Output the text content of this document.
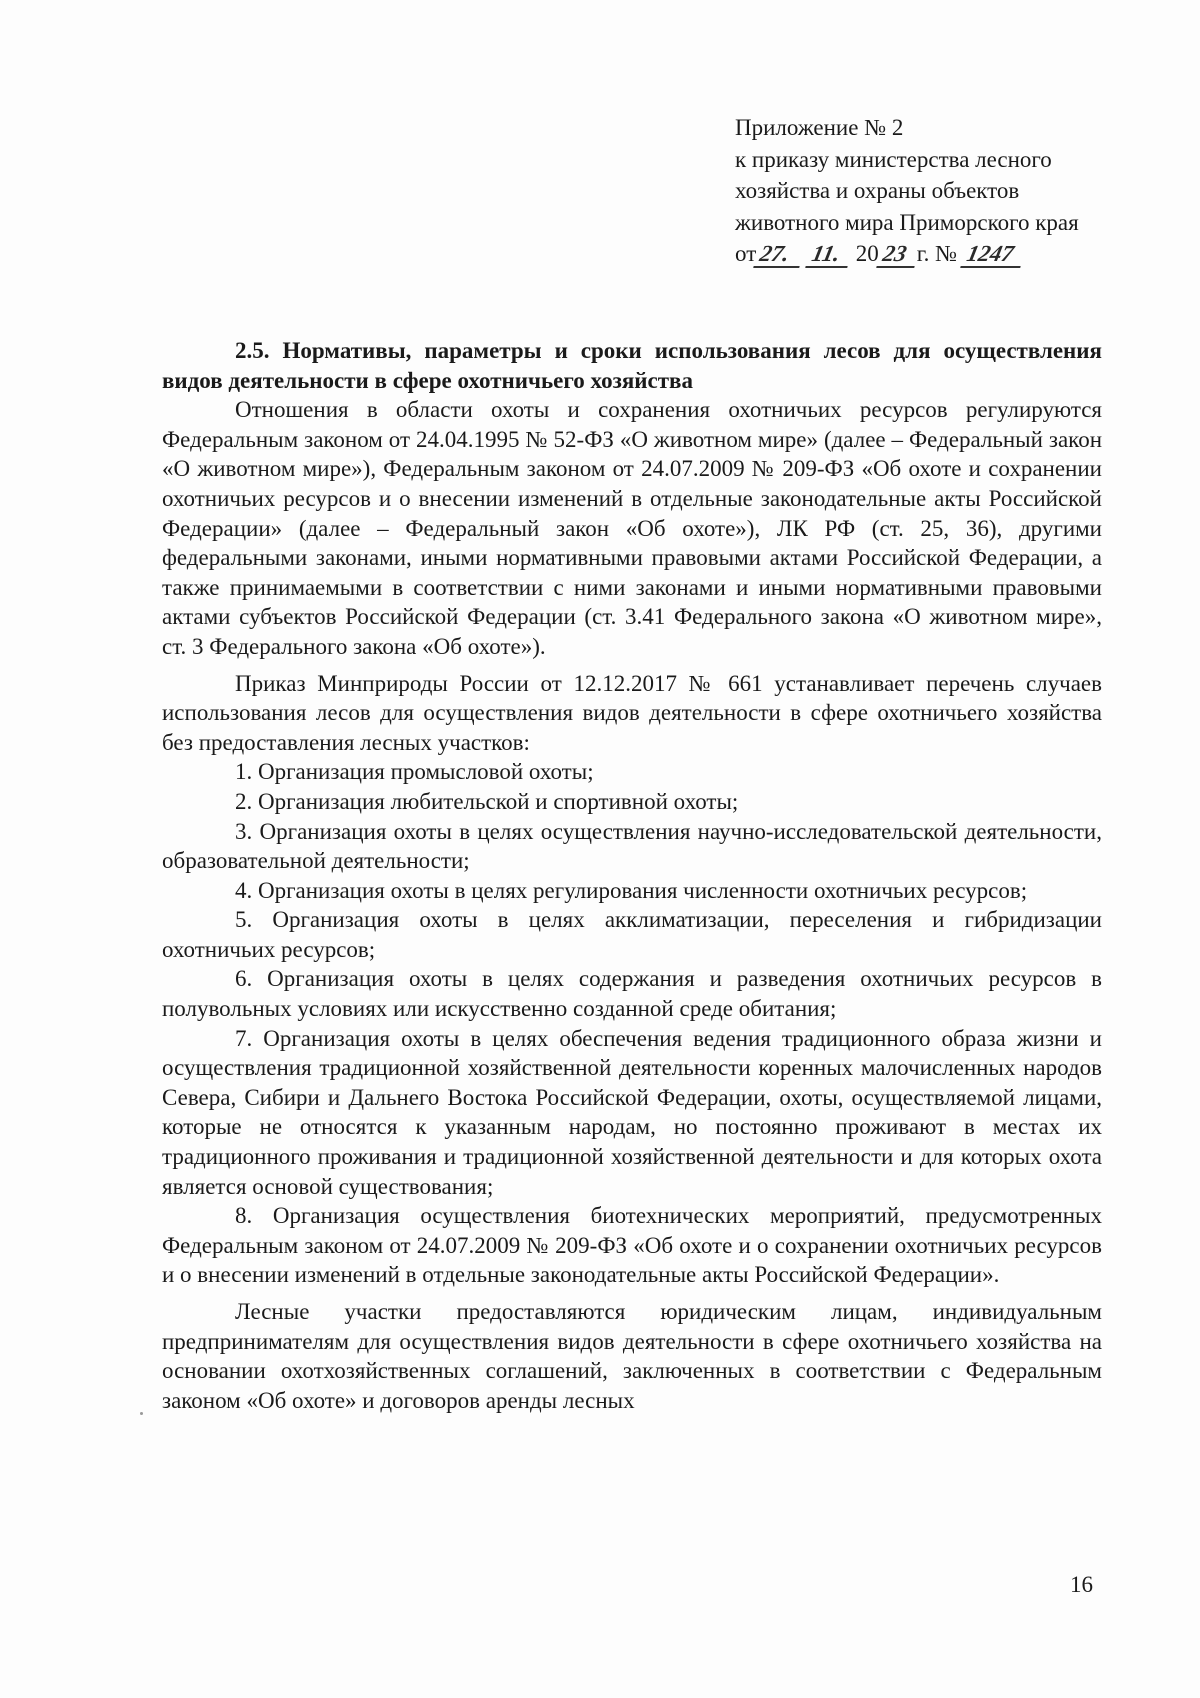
Приложение № 2
к приказу министерства лесного
хозяйства и охраны объектов
животного мира Приморского края
от27. 11. 2023 г. № 1247

2.5. Нормативы, параметры и сроки использования лесов для осуществления видов деятельности в сфере охотничьего хозяйства

Отношения в области охоты и сохранения охотничьих ресурсов регулируются Федеральным законом от 24.04.1995 № 52-ФЗ «О животном мире» (далее – Федеральный закон «О животном мире»), Федеральным законом от 24.07.2009 № 209-ФЗ «Об охоте и сохранении охотничьих ресурсов и о внесении изменений в отдельные законодательные акты Российской Федерации» (далее – Федеральный закон «Об охоте»), ЛК РФ (ст. 25, 36), другими федеральными законами, иными нормативными правовыми актами Российской Федерации, а также принимаемыми в соответствии с ними законами и иными нормативными правовыми актами субъектов Российской Федерации (ст. 3.41 Федерального закона «О животном мире», ст. 3 Федерального закона «Об охоте»).

Приказ Минприроды России от 12.12.2017 № 661 устанавливает перечень случаев использования лесов для осуществления видов деятельности в сфере охотничьего хозяйства без предоставления лесных участков:

1. Организация промысловой охоты;

2. Организация любительской и спортивной охоты;

3. Организация охоты в целях осуществления научно-исследовательской деятельности, образовательной деятельности;

4. Организация охоты в целях регулирования численности охотничьих ресурсов;

5. Организация охоты в целях акклиматизации, переселения и гибридизации охотничьих ресурсов;

6. Организация охоты в целях содержания и разведения охотничьих ресурсов в полувольных условиях или искусственно созданной среде обитания;

7. Организация охоты в целях обеспечения ведения традиционного образа жизни и осуществления традиционной хозяйственной деятельности коренных малочисленных народов Севера, Сибири и Дальнего Востока Российской Федерации, охоты, осуществляемой лицами, которые не относятся к указанным народам, но постоянно проживают в местах их традиционного проживания и традиционной хозяйственной деятельности и для которых охота является основой существования;

8. Организация осуществления биотехнических мероприятий, предусмотренных Федеральным законом от 24.07.2009 № 209-ФЗ «Об охоте и о сохранении охотничьих ресурсов и о внесении изменений в отдельные законодательные акты Российской Федерации».

Лесные участки предоставляются юридическим лицам, индивидуальным предпринимателям для осуществления видов деятельности в сфере охотничьего хозяйства на основании охотхозяйственных соглашений, заключенных в соответствии с Федеральным законом «Об охоте» и договоров аренды лесных

16
